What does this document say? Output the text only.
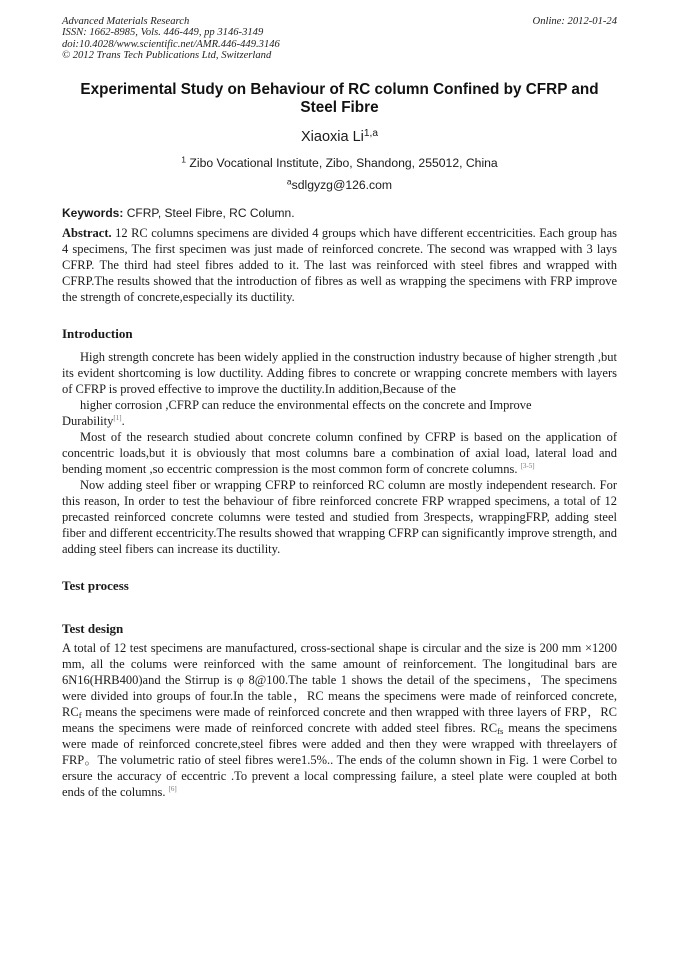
Advanced Materials Research	Online: 2012-01-24
ISSN: 1662-8985, Vols. 446-449, pp 3146-3149
doi:10.4028/www.scientific.net/AMR.446-449.3146
© 2012 Trans Tech Publications Ltd, Switzerland
Experimental Study on Behaviour of RC column Confined by CFRP and Steel Fibre
Xiaoxia Li$^{1,a}$
$^1$ Zibo Vocational Institute, Zibo, Shandong, 255012, China
$^a$sdlgyzg@126.com
Keywords: CFRP, Steel Fibre, RC Column.
Abstract. 12 RC columns specimens are divided 4 groups which have different eccentricities. Each group has 4 specimens, The first specimen was just made of reinforced concrete. The second was wrapped with 3 lays CFRP. The third had steel fibres added to it. The last was reinforced with steel fibres and wrapped with CFRP.The results showed that the introduction of fibres as well as wrapping the specimens with FRP improve the strength of concrete,especially its ductility.
Introduction

High strength concrete has been widely applied in the construction industry because of higher strength ,but its evident shortcoming is low ductility. Adding fibres to concrete or wrapping concrete members with layers of CFRP is proved effective to improve the ductility.In addition,Because of the

higher corrosion ,CFRP can reduce the environmental effects on the concrete and Improve

Durability[1].

Most of the research studied about concrete column confined by CFRP is based on the application of concentric loads,but it is obviously that most columns bare a combination of axial load, lateral load and bending moment ,so eccentric compression is the most common form of concrete columns. [3-5]

Now adding steel fiber or wrapping CFRP to reinforced RC column are mostly independent research. For this reason, In order to test the behaviour of fibre reinforced concrete FRP wrapped specimens, a total of 12 precasted reinforced concrete columns were tested and studied from 3respects, wrappingFRP, adding steel fiber and different eccentricity.The results showed that wrapping CFRP can significantly improve strength, and adding steel fibers can increase its ductility.

Test process
Test design

A total of 12 test specimens are manufactured, cross-sectional shape is circular and the size is 200 mm ×1200 mm, all the colums were reinforced with the same amount of reinforcement. The longitudinal bars are 6N16(HRB400)and the Stirrup is φ 8@100.The table 1 shows the detail of the specimens，The specimens were divided into groups of four.In the table，RC means the specimens were made of reinforced concrete, $RC_f$ means the specimens were made of reinforced concrete and then wrapped with three layers of FRP，RC means the specimens were made of reinforced concrete with added steel fibres. $RC_{fs}$ means the specimens were made of reinforced concrete,steel fibres were added and then they were wrapped with threelayers of FRP。The volumetric ratio of steel fibres were1.5%.. The ends of the column shown in Fig. 1 were Corbel to ersure the accuracy of eccentric .To prevent a local compressing failure, a steel plate were coupled at both ends of the columns. [6]
